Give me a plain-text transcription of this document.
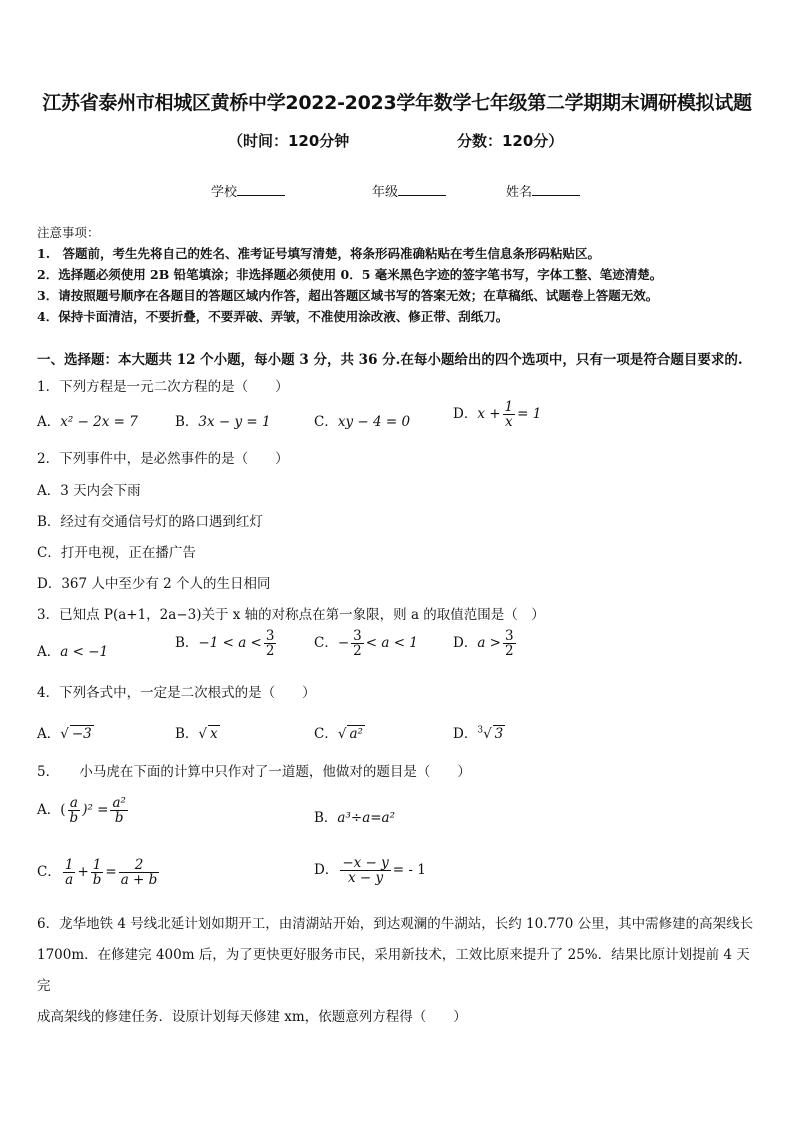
江苏省泰州市相城区黄桥中学2022-2023学年数学七年级第二学期期末调研模拟试题
（时间：120分钟	分数：120分）
学校	年级	姓名
注意事项：
1.　答题前，考生先将自己的姓名、准考证号填写清楚，将条形码准确粘贴在考生信息条形码粘贴区。
2．选择题必须使用 2B 铅笔填涂；非选择题必须使用 0．5 毫米黑色字迹的签字笔书写，字体工整、笔迹清楚。
3．请按照题号顺序在各题目的答题区域内作答，超出答题区域书写的答案无效；在草稿纸、试题卷上答题无效。
4．保持卡面清洁，不要折叠，不要弄破、弄皱，不准使用涂改液、修正带、刮纸刀。
一、选择题：本大题共 12 个小题，每小题 3 分，共 36 分.在每小题给出的四个选项中，只有一项是符合题目要求的.
1．下列方程是一元二次方程的是（　　）
A．x² − 2x = 7	B．3x − y = 1	C．xy − 4 = 0	D．$x + \frac{1}{x} = 1$
2．下列事件中，是必然事件的是（　　）
A．3 天内会下雨
B．经过有交通信号灯的路口遇到红灯
C．打开电视，正在播广告
D．367 人中至少有 2 个人的生日相同
3．已知点 P(a+1，2a−3)关于 x 轴的对称点在第一象限，则 a 的取值范围是（　）
A．a < −1
B．$-1 < a < \frac{3}{2}$	C．− $\frac{3}{2} < a < 1$	D．$a > \frac{3}{2}$
4．下列各式中，一定是二次根式的是（　　）
A．√ −3	B．√ x	C．√ a²	D．$^3$√ 3
5．　　小马虎在下面的计算中只作对了一道题，他做对的题目是（　　）
A．( $\frac{a}{b} )^2 = \frac{\text{a²}}{b}$	B．a³÷a=a²
C． $\frac{1}{a} + \frac{1}{b} = \frac{2}{a + b}$	D． $\frac{-x - y}{x - y}$ = - 1
6．龙华地铁 4 号线北延计划如期开工，由清湖站开始，到达观澜的牛湖站，长约 10.770 公里，其中需修建的高架线长
1700m．在修建完 400m 后，为了更快更好服务市民，采用新技术，工效比原来提升了 25%．结果比原计划提前 4 天完
成高架线的修建任务．设原计划每天修建 xm，依题意列方程得（　　）
